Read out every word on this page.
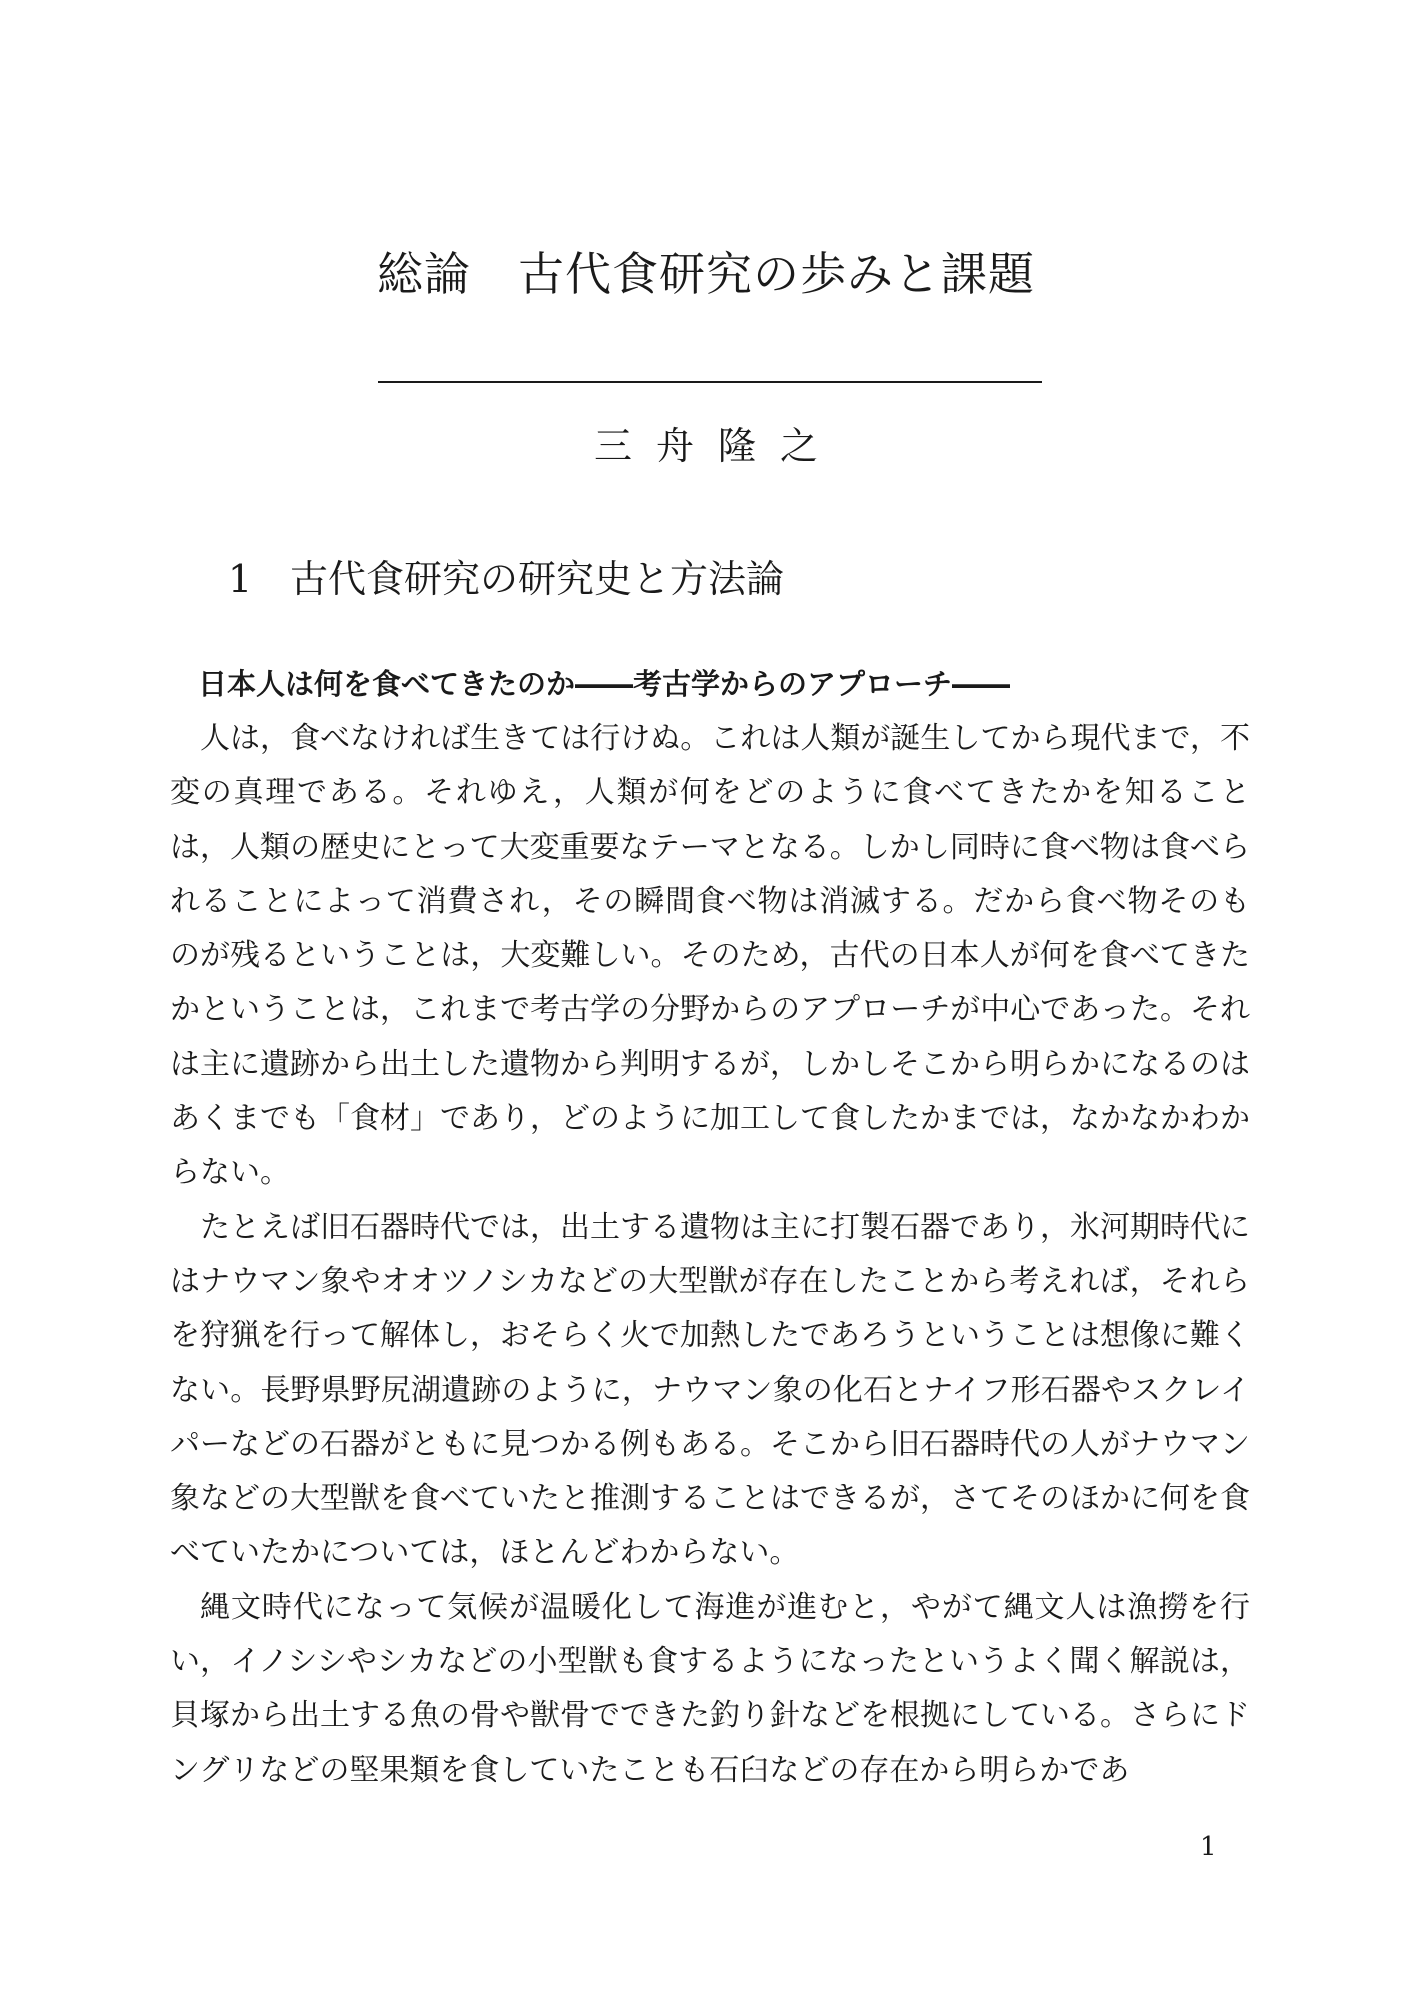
総論　古代食研究の歩みと課題
三舟隆之
1 古代食研究の研究史と方法論
日本人は何を食べてきたのか――考古学からのアプローチ――

人は，食べなければ生きては行けぬ。これは人類が誕生してから現代まで，不変の真理である。それゆえ，人類が何をどのように食べてきたかを知ることは，人類の歴史にとって大変重要なテーマとなる。しかし同時に食べ物は食べられることによって消費され，その瞬間食べ物は消滅する。だから食べ物そのものが残るということは，大変難しい。そのため，古代の日本人が何を食べてきたかということは，これまで考古学の分野からのアプローチが中心であった。それは主に遺跡から出土した遺物から判明するが，しかしそこから明らかになるのはあくまでも「食材」であり，どのように加工して食したかまでは，なかなかわからない。

たとえば旧石器時代では，出土する遺物は主に打製石器であり，氷河期時代にはナウマン象やオオツノシカなどの大型獣が存在したことから考えれば，それらを狩猟を行って解体し，おそらく火で加熱したであろうということは想像に難くない。長野県野尻湖遺跡のように，ナウマン象の化石とナイフ形石器やスクレイパーなどの石器がともに見つかる例もある。そこから旧石器時代の人がナウマン象などの大型獣を食べていたと推測することはできるが，さてそのほかに何を食べていたかについては，ほとんどわからない。

縄文時代になって気候が温暖化して海進が進むと，やがて縄文人は漁撈を行い，イノシシやシカなどの小型獣も食するようになったというよく聞く解説は，貝塚から出土する魚の骨や獣骨でできた釣り針などを根拠にしている。さらにドングリなどの堅果類を食していたことも石臼などの存在から明らかであ

1
